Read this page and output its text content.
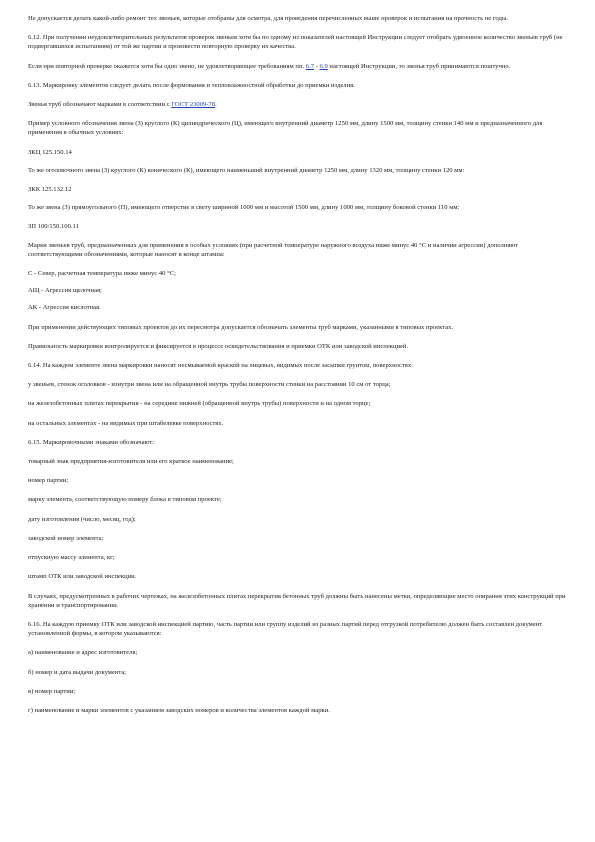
Не допускается делать какой-либо ремонт тех звеньев, которые отобраны для осмотра, для проведения перечисленных выше проверок и испытания на прочность не годы.

6.12. При получении неудовлетворительных результатов проверок звеньев хотя бы по одному из показателей настоящей Инструкции следует отобрать удвоенное количество звеньев труб (не подвергавшихся испытаниям) от той же партии и произвести повторную проверку их качества.

Если при повторной проверке окажется хотя бы одно звено, не удовлетворяющее требованиям пп. 6.7 - 6.9 настоящей Инструкции, то звенья труб принимаются поштучно.

6.13. Маркировку элементов следует делать после формования и тепловлажностной обработки до приемки изделия.

Звенья труб обозначают марками в соответствии с ГОСТ 23009-78.

Пример условного обозначения звена (З) круглого (К) цилиндрического (Ц), имеющего внутренний диаметр 1250 мм, длину 1500 мм, толщину стенки 140 мм и предназначенного для применения в обычных условиях:

ЗКЦ 125.150.14

То же оголовочного звена (З) круглого (К) конического (К), имеющего наименьший внутренний диаметр 1250 мм, длину 1320 мм, толщину стенки 120 мм:

ЗКК 125.132.12

То же звена (З) прямоугольного (П), имеющего отверстие в свету шириной 1000 мм и высотой 1500 мм, длину 1000 мм, толщину боковой стенки 110 мм:

ЗП 100/150.100.11

Марки звеньев труб, предназначенных для применения в особых условиях (при расчетной температуре наружного воздуха ниже минус 40 °С и наличии агрессии) дополняют соответствующими обозначениями, которые наносят в конце штампа:

С - Север, расчетная температура ниже минус 40 °С;

АЩ - Агрессия щелочная;

АК - Агрессия кислотная.

При применении действующих типовых проектов до их пересмотра допускается обозначать элементы труб марками, указанными в типовых проектах.

Правильность маркировки контролируется и фиксируется в процессе освидетельствования и приемки ОТК или заводской инспекцией.

6.14. На каждом элементе звена маркировки наносят несмываемой краской на лицевых, видимых после засыпки грунтом, поверхностях:

у звеньев, стенок оголовков - изнутри звена или на обращенной внутрь трубы поверхности стенки на расстоянии 10 см от торца;

на железобетонных плитах перекрытия - на середине нижней (обращенной внутрь трубы) поверхности и на одном торце;

на остальных элементах - на видимых при штабелевке поверхностях.

6.15. Маркировочными знаками обозначают:

товарный знак предприятия-изготовителя или его краткое наименование;

номер партии;

марку элемента, соответствующую номеру блока в типовом проекте;

дату изготовления (число, месяц, год);

заводской номер элемента;

отпускную массу элемента, кг;

штамп ОТК или заводской инспекции.

В случаях, предусмотренных в рабочих чертежах, на железобетонных плитах перекрытия бетонных труб должны быть нанесены метки, определяющие место опирания этих конструкций при хранении и транспортировании.

6.16. На каждую приемку ОТК или заводской инспекцией партию, часть партии или группу изделий из разных партий перед отгрузкой потребителю должен быть составлен документ установленной формы, в котором указываются:

а) наименование и адрес изготовителя;

б) номер и дата выдачи документа;

в) номер партии;

г) наименование и марки элементов с указанием заводских номеров и количества элементов каждой марки.
